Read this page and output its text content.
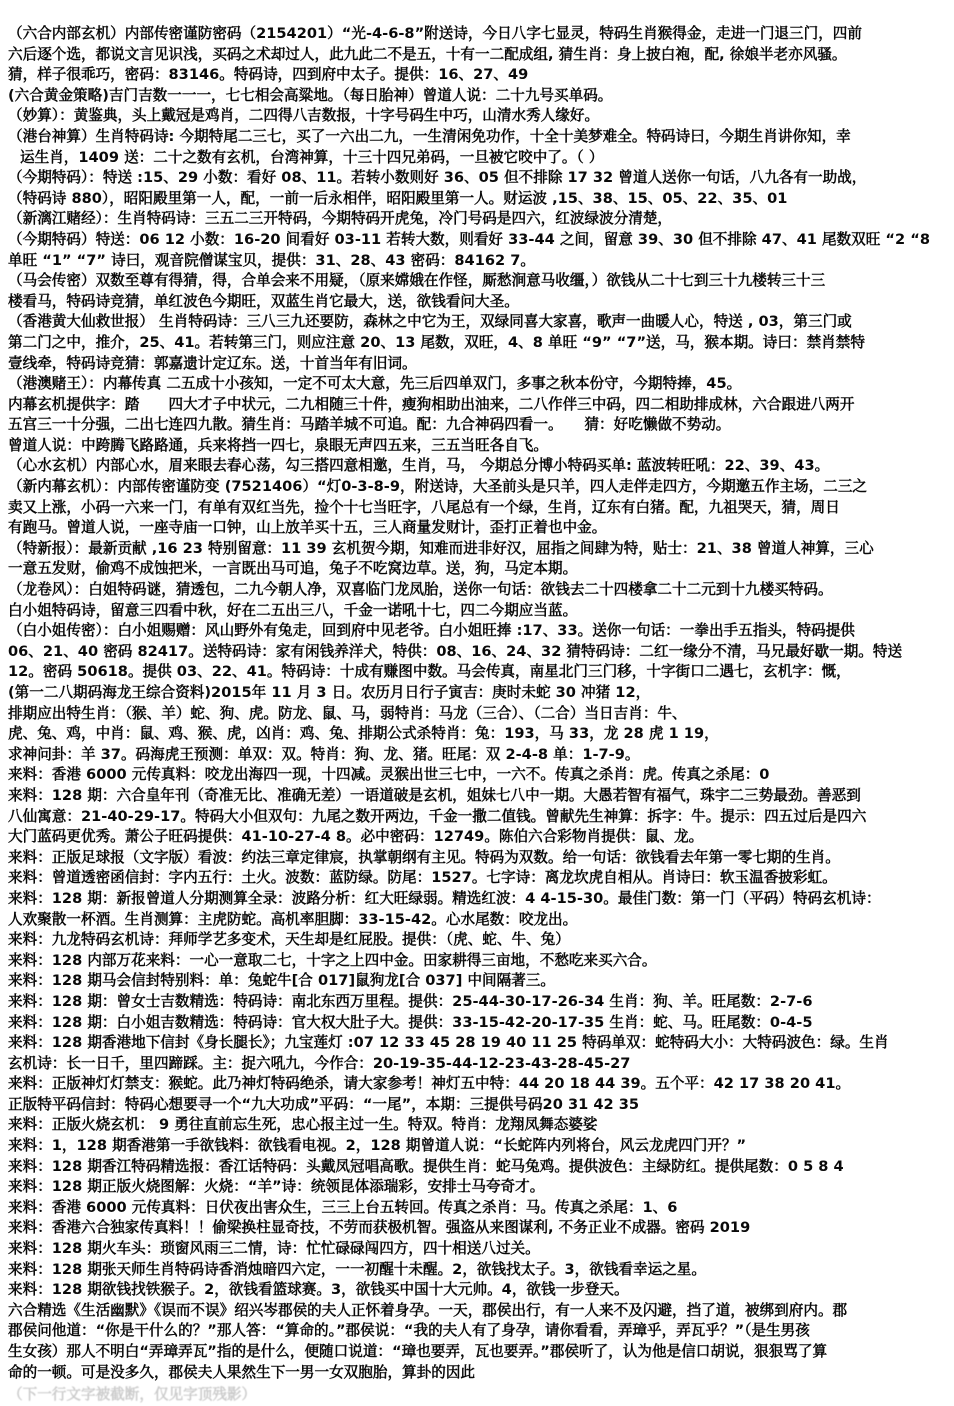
（六合内部玄机）内部传密谨防密码（2154201）“光-4-6-8”附送诗，今日八字七显灵，特码生肖猴得金，走进一门退三门，四前
六后逐个选，都说文言见识浅，买码之术却过人，此九此二不是五，十有一二配成组, 猜生肖：身上披白袍，配, 徐娘半老亦风骚。
猜，样子很乖巧，密码：83146。特码诗，四到府中太子。提供：16、27、49
(六合黄金策略)吉门吉数一一一，七七相会高粱地。（每日胎神）曾道人说：二十九号买单码。
（妙算）：黄鉴典，头上戴冠是鸡肖，二四得八吉数报，十字号码生中巧，山清水秀人缘好。
（港台神算）生肖特码诗: 今期特尾二三七，买了一六出二九，一生清闲免功作，十全十美梦难全。特码诗曰，今期生肖讲你知，幸
运生肖，1409 送：二十之数有玄机，台湾神算，十三十四兄弟码，一旦被它咬中了。（ ）
（今期特码）：特送 :15、29 小数：看好 08、11。若转小数则好 36、05 但不排除 17 32 曾道人送你一句话，八九各有一助战，
（特码诗 880），昭阳殿里第一人，配，一前一后永相伴，昭阳殿里第一人。财运波 ,15、38、15、05、22、35、01
（新漓江赌经）：生肖特码诗：三五二三开特码，今期特码开虎兔，冷门号码是四六，红波绿波分清楚，
（今期特码）特送：06 12 小数：16-20 间看好 03-11 若转大数，则看好 33-44 之间，留意 39、30 但不排除 47、41 尾数双旺 “2 “8
单旺 “1” “7” 诗曰，观音院僧谋宝贝，提供：31、28、43 密码：84162 7。
（马会传密）双数至尊有得猜，得，合单会来不用疑，（原来嫦娥在作怪，厮愁涧意马收缰，）欲钱从二十七到三十九楼转三十三
楼看马，特码诗竞猜，单红波色今期旺，双蓝生肖它最大，送，欲钱看问大圣。
（香港黄大仙救世报） 生肖特码诗：三八三九还要防，森林之中它为王，双绿同喜大家喜，歌声一曲暖人心，特送 , 03，第三门或
第二门之中，推介，25、41。若转第三门，则应注意 20、13 尾数，双旺，4、8 单旺 “9” “7”送，马，猴本期。诗曰：禁肖禁特
壹线牵，特码诗竞猜：郭嘉遗计定辽东。送，十首当年有旧词。
（港澳赌王）：内幕传真 二五成十小孩知，一定不可太大意，先三后四单双门，多事之秋本份守，今期特捧，45。
内幕玄机提供字：踏　　四大才子中状元，二九相随三十件，瘦狗相助出油来，二八作伴三中码，四二相助排成林，六合跟进八两开
五宫三一十分强，二出七连四九散。猜生肖：马踏羊城不可追。配：九合神码四看一。　　猜：好吃懒做不势动。
曾道人说：中跨腾飞路路通，兵来将挡一四七，泉眼无声四五来，三五当旺各自飞。
（心水玄机）内部心水，眉来眼去春心荡，勾三搭四意相邀，生肖，马， 今期总分博小特码买单: 蓝波转旺吼：22、39、43。
（新内幕玄机）：内部传密谨防变 (7521406）“灯0-3-8-9，附送诗，大圣前头是只羊，四人走伴走四方，今期邀五作主场，二三之
卖又上涨，小码一六来一门，有单有双红当先，捡个十七当旺字，八尾总有一个绿，生肖，辽东有白猪。配，九祖哭天，猜，周日
有跑马。曾道人说，一座寺庙一口钟，山上放羊买十五，三人商量发财计，歪打正着也中金。
（特新报）：最新贡献 ,16 23 特别留意：11 39 玄机贺今期，知难而进非好汉，屈指之间肆为特，贴士：21、38 曾道人神算，三心
一意五发财，偷鸡不成蚀把米，一言既出马可追，兔子不吃窝边草。送，狗，马定本期。
（龙卷风）：白姐特码谜，猜透包，二九今朝人净，双喜临门龙凤胎，送你一句话：欲钱去二十四楼拿二十二元到十九楼买特码。
白小姐特码诗，留意三四看中秋，好在二五出三八，千金一诺吼十七，四二今期应当蓝。
（白小姐传密）：白小姐赐赠：风山野外有兔走，回到府中见老爷。白小姐旺捧 :17、33。送你一句话：一拳出手五指头，特码提供
06、21、40 密码 82417。送特码诗：家有闲钱养洋犬，特供：08、16、24、32 猜特码诗：二红一缘分不清，马兄最好歇一期。特送
12。密码 50618。提供 03、22、41。特码诗：十成有赚图中数。马会传真，南星北门三门移，十字街口二遇七，玄机字：慨，
(第一二八期码海龙王综合资料)2015年 11 月 3 日。农历月日行子寅吉：庚时未蛇 30 冲猪 12，
排期应出特生肖：（猴、羊）蛇、狗、虎。防龙、鼠、马，弱特肖：马龙（三合）、（二合）当日吉肖：牛、
虎、兔、鸡，中肖：鼠、鸡、猴、虎，凶肖：鸡、兔、排期公式杀特肖：兔：193，马 33，龙 28 虎 1 19，
求神问卦：羊 37。码海虎王预测：单双：双。特肖：狗、龙、猪。旺尾：双 2-4-8 单：1-7-9。
来料：香港 6000 元传真料：咬龙出海四一现，十四减。灵猴出世三七中，一六不。传真之杀肖：虎。传真之杀尾：0
来料：128 期：六合皇年刊（奇准无比、准确无差）一语道破是玄机，姐妹七八中一期。大愚若智有福气，珠宇二三势最劲。善恶到
八仙寓意：21-40-29-17。特码大小但双句：九尾之数开两边，千金一撒二值钱。曾献先生神算：拆字：牛。提示：四五过后是四六
大门蓝码更优秀。萧公子旺码提供：41-10-27-4 8。必中密码：12749。陈伯六合彩物肖提供：鼠、龙。
来料：正版足球报（文字版）看波：约法三章定律宸，执掌朝纲有主见。特码为双数。给一句话：欲钱看去年第一零七期的生肖。
来料：曾道透密函信封：字内五行：土火。波数：蓝防绿。防尾：1527。七字诗：离龙坎虎自相从。肖诗曰：软玉温香披彩虹。
来料：128 期：新报曾道人分期测算全录：波路分析：红大旺绿弱。精选红波：4 4-15-30。最佳门数：第一门（平码）特码玄机诗：
人欢聚散一杯酒。生肖测算：主虎防蛇。高机率胆脚：33-15-42。心水尾数：咬龙出。
来料：九龙特码玄机诗：拜师学艺多变术，天生却是红屁股。提供：（虎、蛇、牛、兔）
来料：128 内部万花来料：一心一意取二七，十字之上四中金。田家耕得三亩地，不愁吃来买六合。
来料：128 期马会信封特别料：单：兔蛇牛[合 017]鼠狗龙[合 037] 中间隔著三。
来料：128 期：曾女士吉数精选：特码诗：南北东西万里程。提供：25-44-30-17-26-34 生肖：狗、羊。旺尾数：2-7-6
来料：128 期：白小姐吉数精选：特码诗：官大权大肚子大。提供：33-15-42-20-17-35 生肖：蛇、马。旺尾数：0-4-5
来料：128 期香港地下信封《身长腿长》；九宝莲灯 :07 12 33 45 28 19 40 11 25 特码单双：蛇特码大小：大特码波色：绿。生肖
玄机诗：长一日千，里四蹄踩。主：捉六吼九，今作合：20-19-35-44-12-23-43-28-45-27
来料：正版神灯灯禁支：猴蛇。此乃神灯特码绝杀，请大家参考！神灯五中特：44 20 18 44 39。五个平：42 17 38 20 41。
正版特平码信封：特码心想要寻一个“九大功成”平码：“一尾”，本期：三提供号码20 31 42 35
来料：正版火烧玄机： 9 勇往直前忘生死，忠心报主过一生。特双。特肖：龙翔凤舞态婆娑
来料：1，128 期香港第一手欲钱料：欲钱看电视。2，128 期曾道人说：“长蛇阵内列将台，风云龙虎四门开？”
来料：128 期香江特码精选报：香江话特码：头戴凤冠唱高歌。提供生肖：蛇马兔鸡。提供波色：主绿防红。提供尾数：0 5 8 4
来料：128 期正版火烧图解：火烧：“羊”诗：统领昆体添瑞彩，安排士马夸奇才。
来料：香港 6000 元传真料：日伏夜出害众生，三三上台五转回。传真之杀肖：马。传真之杀尾：1、6
来料：香港六合独家传真料！！偷梁换柱显奇技，不劳而获极机智。强盗从来图谋利, 不务正业不成器。密码 2019
来料：128 期火车头：琐窗风雨三二情，诗：忙忙碌碌闯四方，四十相送八过关。
来料：128 期张天师生肖特码诗香消烛暗四六定，一一初醒十未醒。2，欲钱找太子。3，欲钱看幸运之星。
来料：128 期欲钱找铁猴子。2，欲钱看篮球赛。3，欲钱买中国十大元帅。4，欲钱一步登天。
六合精选《生活幽默》《误而不误》绍兴岑郡侯的夫人正怀着身孕。一天，郡侯出行，有一人来不及闪避，挡了道，被绑到府内。郡
郡侯问他道：“你是干什么的？”那人答：“算命的。”郡侯说：“我的夫人有了身孕，请你看看，弄璋乎，弄瓦乎？”（是生男孩
生女孩）那人不明白“弄璋弄瓦”指的是什么，便随口说道：“璋也要弄，瓦也要弄。”郡侯听了，认为他是信口胡说，狠狠骂了算
命的一顿。可是没多久，郡侯夫人果然生下一男一女双胞胎，算卦的因此
（下一行文字被截断，仅见字顶残影）
